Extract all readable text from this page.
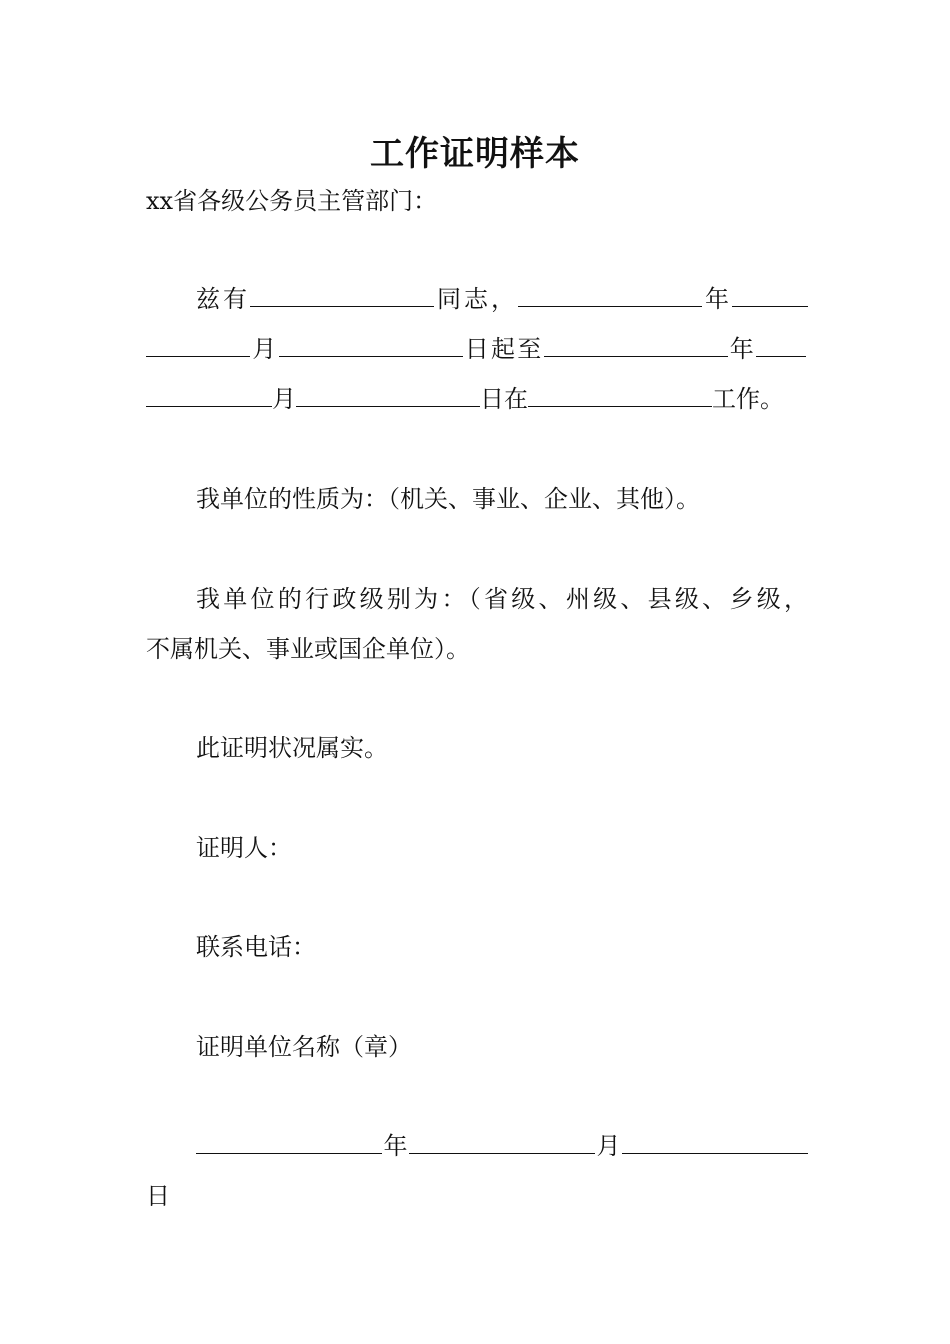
工作证明样本
xx省各级公务员主管部门：
兹有	同志，	年
月	日起至	年
月	日在	工作。
我单位的性质为：（机关、事业、企业、其他）。
我单位的行政级别为：（省级、州级、县级、乡级，
不属机关、事业或国企单位）。
此证明状况属实。
证明人：
联系电话：
证明单位名称（章）
年	月
日
